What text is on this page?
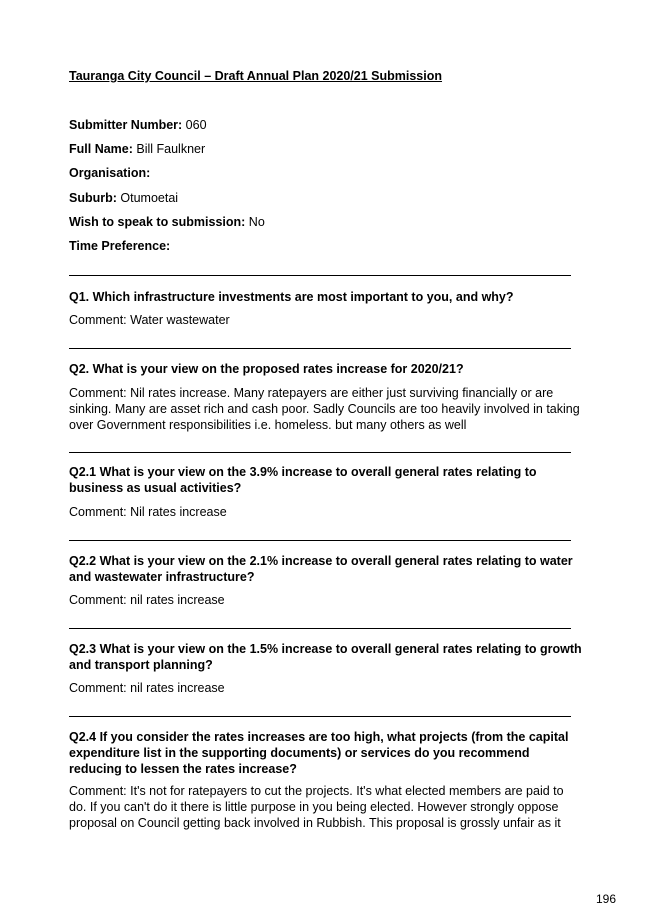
Tauranga City Council – Draft Annual Plan 2020/21 Submission
Submitter Number: 060
Full Name: Bill Faulkner
Organisation:
Suburb: Otumoetai
Wish to speak to submission: No
Time Preference:
Q1. Which infrastructure investments are most important to you, and why?
Comment: Water wastewater
Q2. What is your view on the proposed rates increase for 2020/21?
Comment: Nil rates increase. Many ratepayers are either just surviving financially or are sinking. Many are asset rich and cash poor. Sadly Councils are too heavily involved in taking over Government responsibilities i.e. homeless. but many others as well
Q2.1 What is your view on the 3.9% increase to overall general rates relating to business as usual activities?
Comment: Nil rates increase
Q2.2 What is your view on the 2.1% increase to overall general rates relating to water and wastewater infrastructure?
Comment: nil rates increase
Q2.3 What is your view on the 1.5% increase to overall general rates relating to growth and transport planning?
Comment: nil rates increase
Q2.4 If you consider the rates increases are too high, what projects (from the capital expenditure list in the supporting documents) or services do you recommend reducing to lessen the rates increase?
Comment: It's not for ratepayers to cut the projects. It's what elected members are paid to do. If you can't do it there is little purpose in you being elected. However strongly oppose proposal on Council getting back involved in Rubbish. This proposal is grossly unfair as it
196
